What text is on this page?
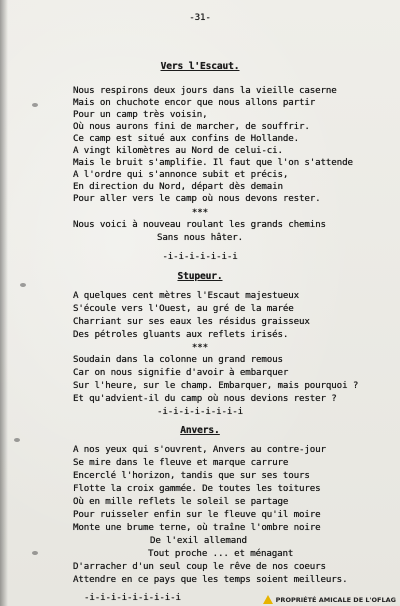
-31-

Vers l'Escaut.

Nous respirons deux jours dans la vieille caserne

Mais on chuchote encor que nous allons partir

Pour un camp très voisin,

Où nous aurons fini de marcher, de souffrir.

Ce camp est situé aux confins de Hollande.

A vingt kilomètres au Nord de celui-ci.

Mais le bruit s'amplifie. Il faut que l'on s'attende

A l'ordre qui s'annonce subit et précis,

En direction du Nord, départ dès demain

Pour aller vers le camp où nous devons rester.

***

Nous voici à nouveau roulant les grands chemins

Sans nous hâter.

-i-i-i-i-i-i-i

Stupeur.

A quelques cent mètres l'Escaut majestueux

S'écoule vers l'Ouest, au gré de la marée

Charriant sur ses eaux les résidus graisseux

Des pétroles gluants aux reflets irisés.

***

Soudain dans la colonne un grand remous

Car on nous signifie d'avoir à embarquer

Sur l'heure, sur le champ. Embarquer, mais pourquoi ?

Et qu'advient-il du camp où nous devions rester ?

-i-i-i-i-i-i-i-i

Anvers.

A nos yeux qui s'ouvrent, Anvers au contre-jour

Se mire dans le fleuve et marque carrure

Encerclé l'horizon, tandis que sur ses tours

Flotte la croix gammée. De toutes les toitures

Où en mille reflets le soleil se partage

Pour ruisseler enfin sur le fleuve qu'il moire

Monte une brume terne, où traîne l'ombre noire

De l'exil allemand

Tout proche ... et ménagant

D'arracher d'un seul coup le rêve de nos coeurs

Attendre en ce pays que les temps soient meilleurs.

-i-i-i-i-i-i-i-i-i	PROPRIÉTÉ AMICALE DE L'OFLAG
